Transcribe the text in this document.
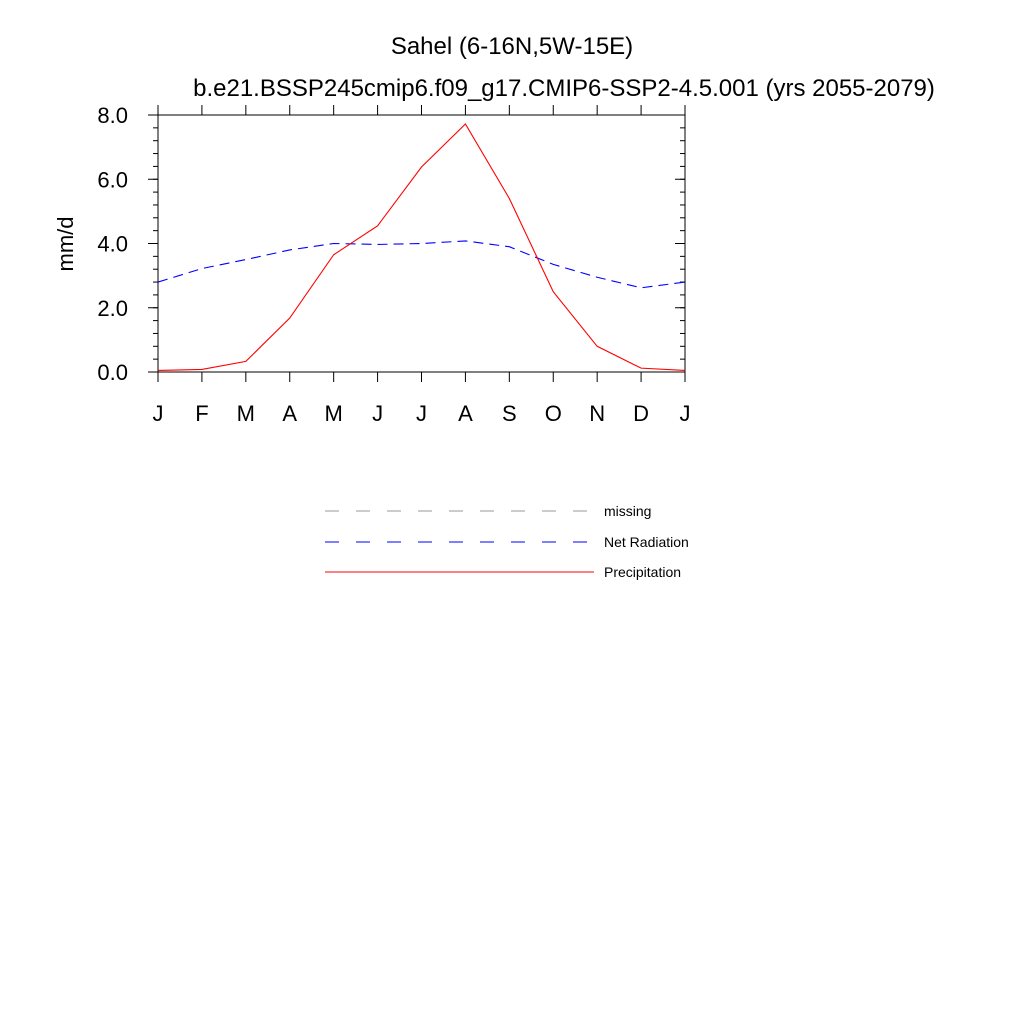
Sahel (6-16N,5W-15E)
b.e21.BSSP245cmip6.f09_g17.CMIP6-SSP2-4.5.001 (yrs 2055-2079)
mm/d
0.0
2.0
4.0
6.0
8.0
J F M A M J J A S O N D J
missing
Net Radiation
Precipitation
